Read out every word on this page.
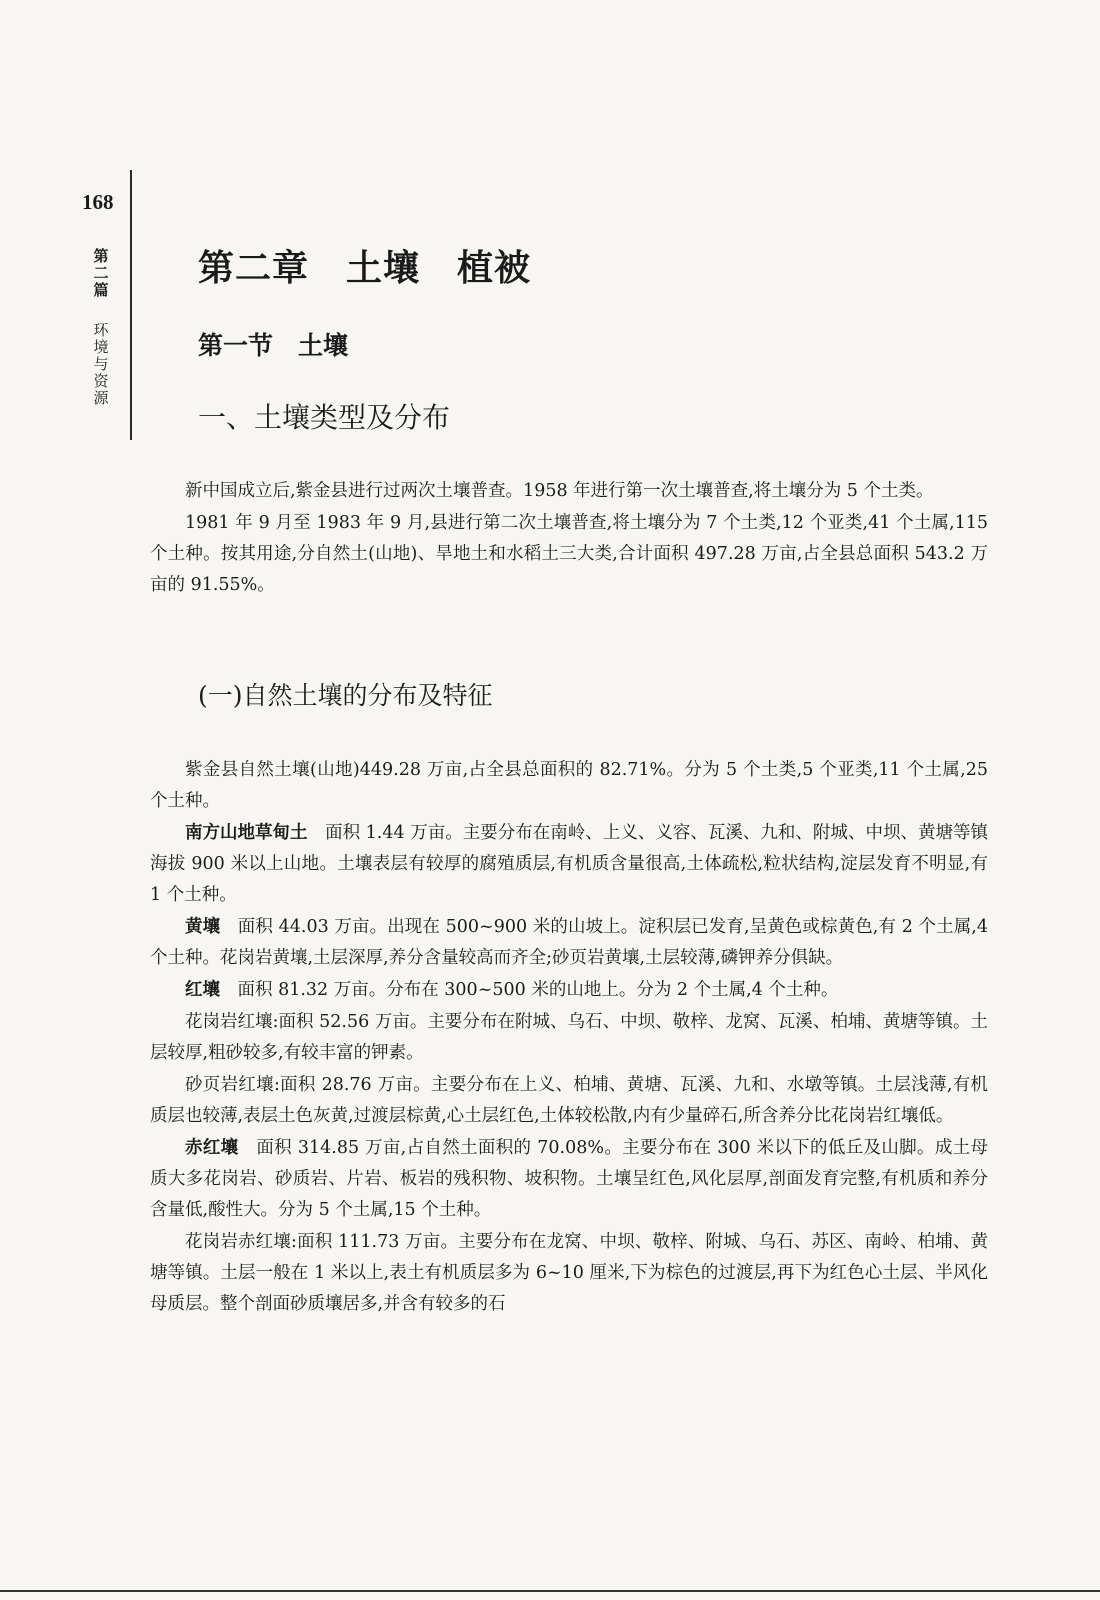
168
第二篇
环境与资源
第二章　土壤　植被
第一节　土壤
一、土壤类型及分布

新中国成立后,紫金县进行过两次土壤普查。1958 年进行第一次土壤普查,将土壤分为 5 个土类。

1981 年 9 月至 1983 年 9 月,县进行第二次土壤普查,将土壤分为 7 个土类,12 个亚类,41 个土属,115 个土种。按其用途,分自然土(山地)、旱地土和水稻土三大类,合计面积 497.28 万亩,占全县总面积 543.2 万亩的 91.55%。

(一)自然土壤的分布及特征

紫金县自然土壤(山地)449.28 万亩,占全县总面积的 82.71%。分为 5 个土类,5 个亚类,11 个土属,25 个土种。

南方山地草甸土　面积 1.44 万亩。主要分布在南岭、上义、义容、瓦溪、九和、附城、中坝、黄塘等镇海拔 900 米以上山地。土壤表层有较厚的腐殖质层,有机质含量很高,土体疏松,粒状结构,淀层发育不明显,有 1 个土种。

黄壤　面积 44.03 万亩。出现在 500~900 米的山坡上。淀积层已发育,呈黄色或棕黄色,有 2 个土属,4 个土种。花岗岩黄壤,土层深厚,养分含量较高而齐全;砂页岩黄壤,土层较薄,磷钾养分俱缺。

红壤　面积 81.32 万亩。分布在 300~500 米的山地上。分为 2 个土属,4 个土种。

花岗岩红壤:面积 52.56 万亩。主要分布在附城、乌石、中坝、敬梓、龙窝、瓦溪、柏埔、黄塘等镇。土层较厚,粗砂较多,有较丰富的钾素。

砂页岩红壤:面积 28.76 万亩。主要分布在上义、柏埔、黄塘、瓦溪、九和、水墩等镇。土层浅薄,有机质层也较薄,表层土色灰黄,过渡层棕黄,心土层红色,土体较松散,内有少量碎石,所含养分比花岗岩红壤低。

赤红壤　面积 314.85 万亩,占自然土面积的 70.08%。主要分布在 300 米以下的低丘及山脚。成土母质大多花岗岩、砂质岩、片岩、板岩的残积物、坡积物。土壤呈红色,风化层厚,剖面发育完整,有机质和养分含量低,酸性大。分为 5 个土属,15 个土种。

花岗岩赤红壤:面积 111.73 万亩。主要分布在龙窝、中坝、敬梓、附城、乌石、苏区、南岭、柏埔、黄塘等镇。土层一般在 1 米以上,表土有机质层多为 6~10 厘米,下为棕色的过渡层,再下为红色心土层、半风化母质层。整个剖面砂质壤居多,并含有较多的石
